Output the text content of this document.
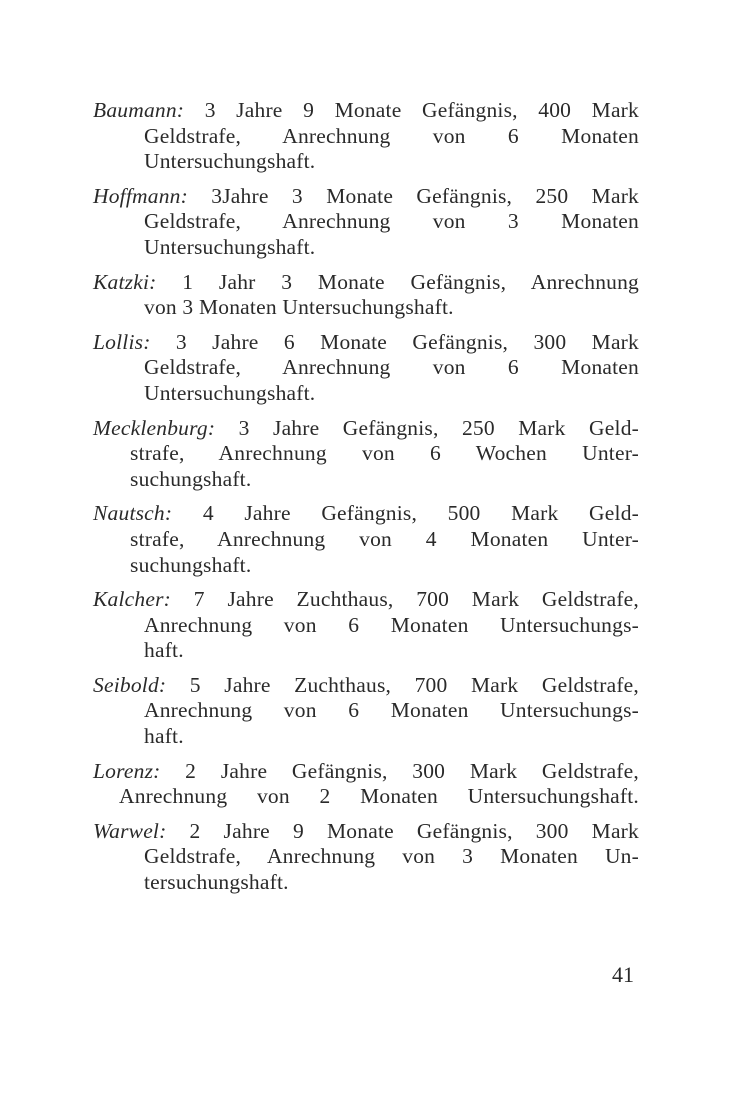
Baumann: 3 Jahre 9 Monate Gefängnis, 400 Mark
Geldstrafe, Anrechnung von 6 Monaten
Untersuchungshaft.
Hoffmann: 3Jahre 3 Monate Gefängnis, 250 Mark
Geldstrafe, Anrechnung von 3 Monaten
Untersuchungshaft.
Katzki: 1 Jahr 3 Monate Gefängnis, Anrechnung
von 3 Monaten Untersuchungshaft.
Lollis: 3 Jahre 6 Monate Gefängnis, 300 Mark
Geldstrafe, Anrechnung von 6 Monaten
Untersuchungshaft.
Mecklenburg: 3 Jahre Gefängnis, 250 Mark Geld-
strafe, Anrechnung von 6 Wochen Unter-
suchungshaft.
Nautsch: 4 Jahre Gefängnis, 500 Mark Geld-
strafe, Anrechnung von 4 Monaten Unter-
suchungshaft.
Kalcher: 7 Jahre Zuchthaus, 700 Mark Geldstrafe,
Anrechnung von 6 Monaten Untersuchungs-
haft.
Seibold: 5 Jahre Zuchthaus, 700 Mark Geldstrafe,
Anrechnung von 6 Monaten Untersuchungs-
haft.
Lorenz: 2 Jahre Gefängnis, 300 Mark Geldstrafe,
Anrechnung von 2 Monaten Untersuchungshaft.
Warwel: 2 Jahre 9 Monate Gefängnis, 300 Mark
Geldstrafe, Anrechnung von 3 Monaten Un-
tersuchungshaft.
41
